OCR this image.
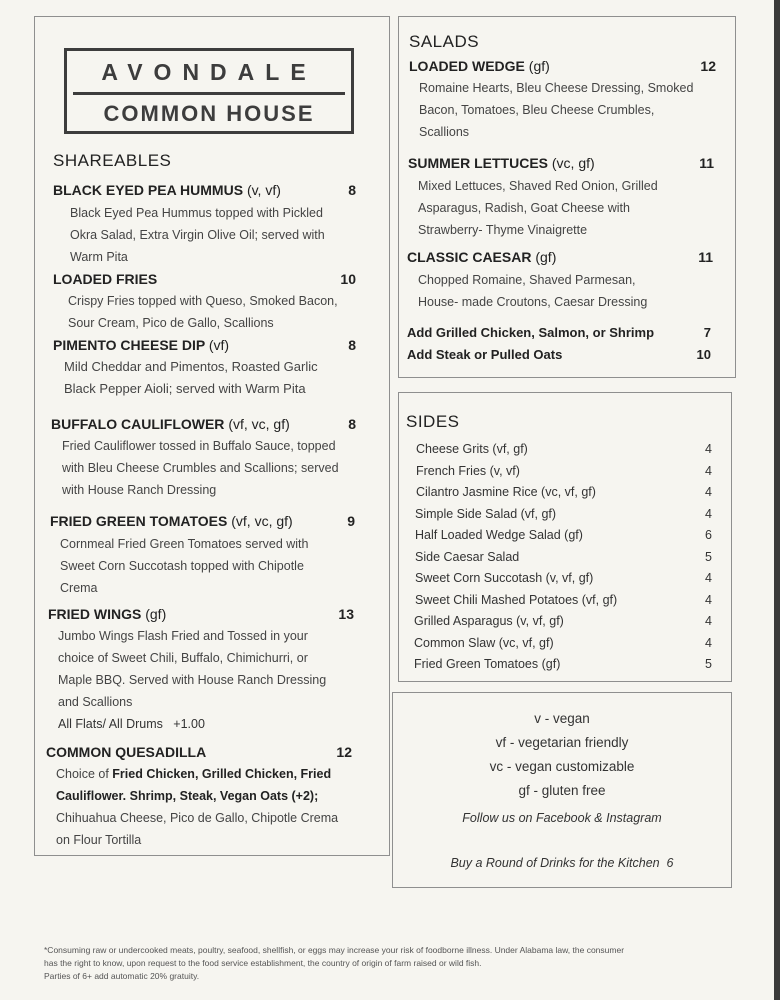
AVONDALE
COMMON HOUSE
SHAREABLES
BLACK EYED PEA HUMMUS (v, vf)	8
Black Eyed Pea Hummus topped with Pickled
Okra Salad, Extra Virgin Olive Oil; served with
Warm Pita
LOADED FRIES	10
Crispy Fries topped with Queso, Smoked Bacon,
Sour Cream, Pico de Gallo, Scallions
PIMENTO CHEESE DIP (vf)	8
Mild Cheddar and Pimentos, Roasted Garlic
Black Pepper Aioli; served with Warm Pita
BUFFALO CAULIFLOWER (vf, vc, gf)	8
Fried Cauliflower tossed in Buffalo Sauce, topped
with Bleu Cheese Crumbles and Scallions; served
with House Ranch Dressing
FRIED GREEN TOMATOES (vf, vc, gf)	9
Cornmeal Fried Green Tomatoes served with
Sweet Corn Succotash topped with Chipotle
Crema
FRIED WINGS (gf)	13
Jumbo Wings Flash Fried and Tossed in your
choice of Sweet Chili, Buffalo, Chimichurri, or
Maple BBQ. Served with House Ranch Dressing
and Scallions
All Flats/ All Drums   +1.00
COMMON QUESADILLA	12
Choice of Fried Chicken, Grilled Chicken, Fried
Cauliflower. Shrimp, Steak, Vegan Oats (+2);
Chihuahua Cheese, Pico de Gallo, Chipotle Crema
on Flour Tortilla
SALADS
LOADED WEDGE (gf)	12
Romaine Hearts, Bleu Cheese Dressing, Smoked
Bacon, Tomatoes, Bleu Cheese Crumbles,
Scallions
SUMMER LETTUCES (vc, gf)	11
Mixed Lettuces, Shaved Red Onion, Grilled
Asparagus, Radish, Goat Cheese with
Strawberry- Thyme Vinaigrette
CLASSIC CAESAR (gf)	11
Chopped Romaine, Shaved Parmesan,
House- made Croutons, Caesar Dressing
Add Grilled Chicken, Salmon, or Shrimp	7
Add Steak or Pulled Oats	10
SIDES
Cheese Grits (vf, gf)	4
French Fries (v, vf)	4
Cilantro Jasmine Rice (vc, vf, gf)	4
Simple Side Salad (vf, gf)	4
Half Loaded Wedge Salad (gf)	6
Side Caesar Salad	5
Sweet Corn Succotash (v, vf, gf)	4
Sweet Chili Mashed Potatoes (vf, gf)	4
Grilled Asparagus (v, vf, gf)	4
Common Slaw (vc, vf, gf)	4
Fried Green Tomatoes (gf)	5
v - vegan
vf - vegetarian friendly
vc - vegan customizable
gf - gluten free
Follow us on Facebook & Instagram
Buy a Round of Drinks for the Kitchen  6
*Consuming raw or undercooked meats, poultry, seafood, shellfish, or eggs may increase your risk of foodborne illness. Under Alabama law, the consumer
has the right to know, upon request to the food service establishment, the country of origin of farm raised or wild fish.
Parties of 6+ add automatic 20% gratuity.
